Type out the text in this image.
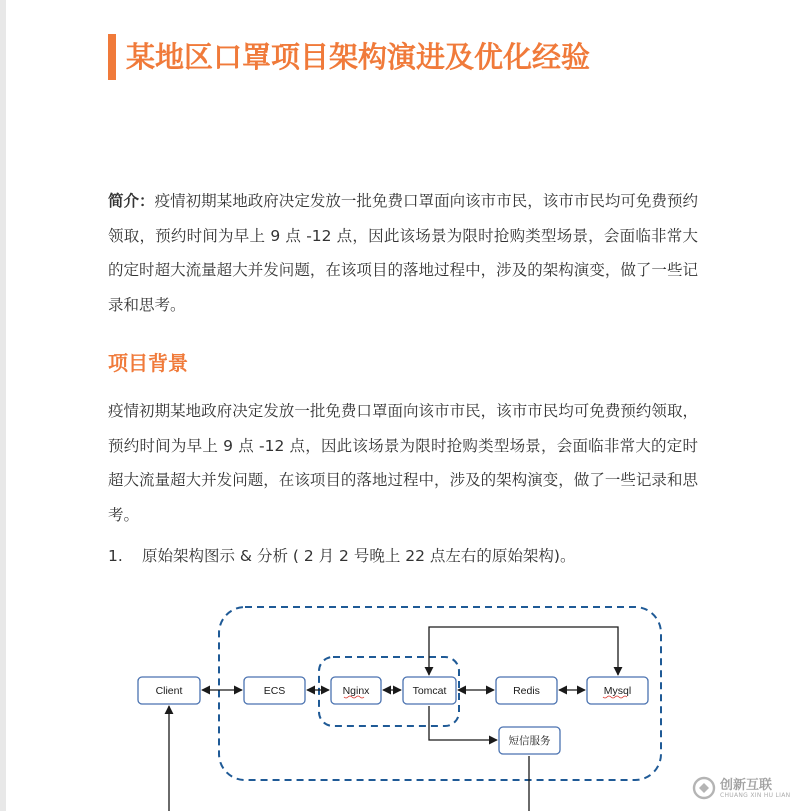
某地区口罩项目架构演进及优化经验
简介：疫情初期某地政府决定发放一批免费口罩面向该市市民，该市市民均可免费预约领取，预约时间为早上 9 点 -12 点，因此该场景为限时抢购类型场景，会面临非常大的定时超大流量超大并发问题，在该项目的落地过程中，涉及的架构演变，做了一些记录和思考。
项目背景
疫情初期某地政府决定发放一批免费口罩面向该市市民，该市市民均可免费预约领取，预约时间为早上 9 点 -12 点，因此该场景为限时抢购类型场景，会面临非常大的定时超大流量超大并发问题，在该项目的落地过程中，涉及的架构演变，做了一些记录和思考。
1. 原始架构图示 & 分析 ( 2 月 2 号晚上 22 点左右的原始架构)。
Client	ECS	Nginx	Tomcat	Redis	Mysql
短信服务
创新互联
CHUANG XIN HU LIAN
